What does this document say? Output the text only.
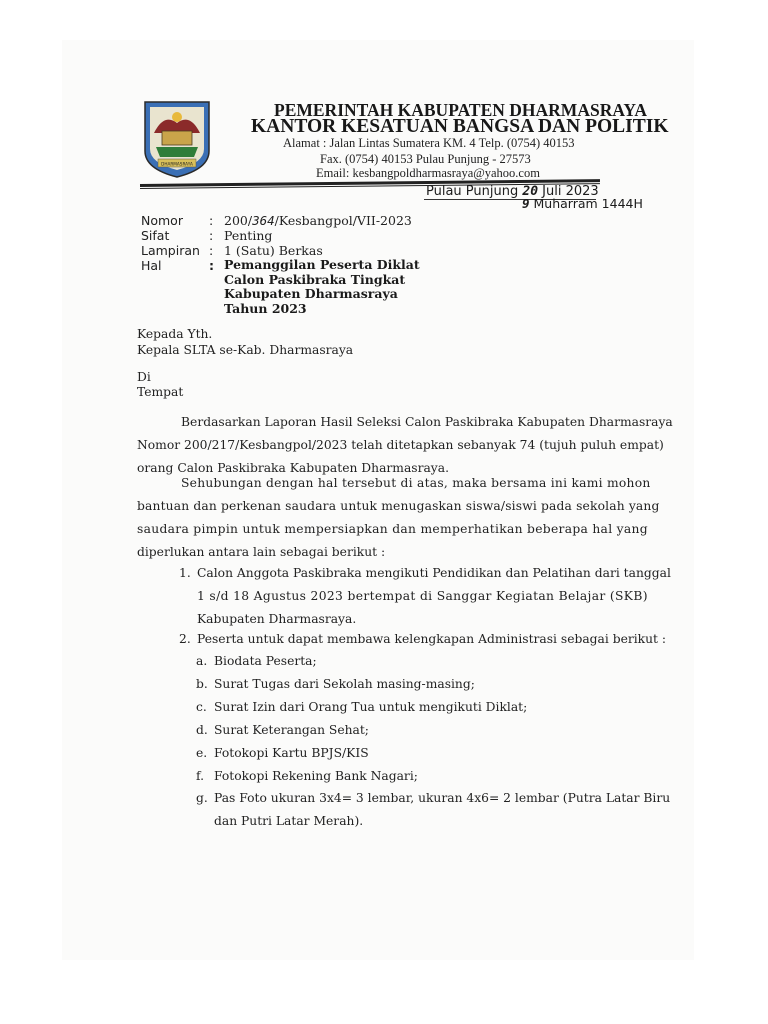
DHARMASRAYA
PEMERINTAH KABUPATEN DHARMASRAYA
KANTOR KESATUAN BANGSA DAN POLITIK
Alamat : Jalan Lintas Sumatera KM. 4 Telp. (0754) 40153
Fax. (0754) 40153 Pulau Punjung - 27573
Email: kesbangpoldharmasraya@yahoo.com
Pulau Punjung 20 Juli 2023
9 Muharram 1444H
Nomor : 200/364/Kesbangpol/VII-2023
Sifat	: Penting
Lampiran : 1 (Satu) Berkas
Hal	: Pemanggilan Peserta Diklat
Calon Paskibraka Tingkat
Kabupaten Dharmasraya
Tahun 2023
Kepada Yth.
Kepala SLTA se-Kab. Dharmasraya
Di
Tempat
Berdasarkan Laporan Hasil Seleksi Calon Paskibraka Kabupaten Dharmasraya
Nomor 200/217/Kesbangpol/2023 telah ditetapkan sebanyak 74 (tujuh puluh empat)
orang Calon Paskibraka Kabupaten Dharmasraya.
Sehubungan dengan hal tersebut di atas, maka bersama ini kami mohon
bantuan dan perkenan saudara untuk menugaskan siswa/siswi pada sekolah yang
saudara pimpin untuk mempersiapkan dan memperhatikan beberapa hal yang
diperlukan antara lain sebagai berikut :
1. Calon Anggota Paskibraka mengikuti Pendidikan dan Pelatihan dari tanggal
1 s/d 18 Agustus 2023 bertempat di Sanggar Kegiatan Belajar (SKB)
Kabupaten Dharmasraya.
2. Peserta untuk dapat membawa kelengkapan Administrasi sebagai berikut :
a. Biodata Peserta;
b. Surat Tugas dari Sekolah masing-masing;
c. Surat Izin dari Orang Tua untuk mengikuti Diklat;
d. Surat Keterangan Sehat;
e. Fotokopi Kartu BPJS/KIS
f. Fotokopi Rekening Bank Nagari;
g. Pas Foto ukuran 3x4= 3 lembar, ukuran 4x6= 2 lembar (Putra Latar Biru
dan Putri Latar Merah).
